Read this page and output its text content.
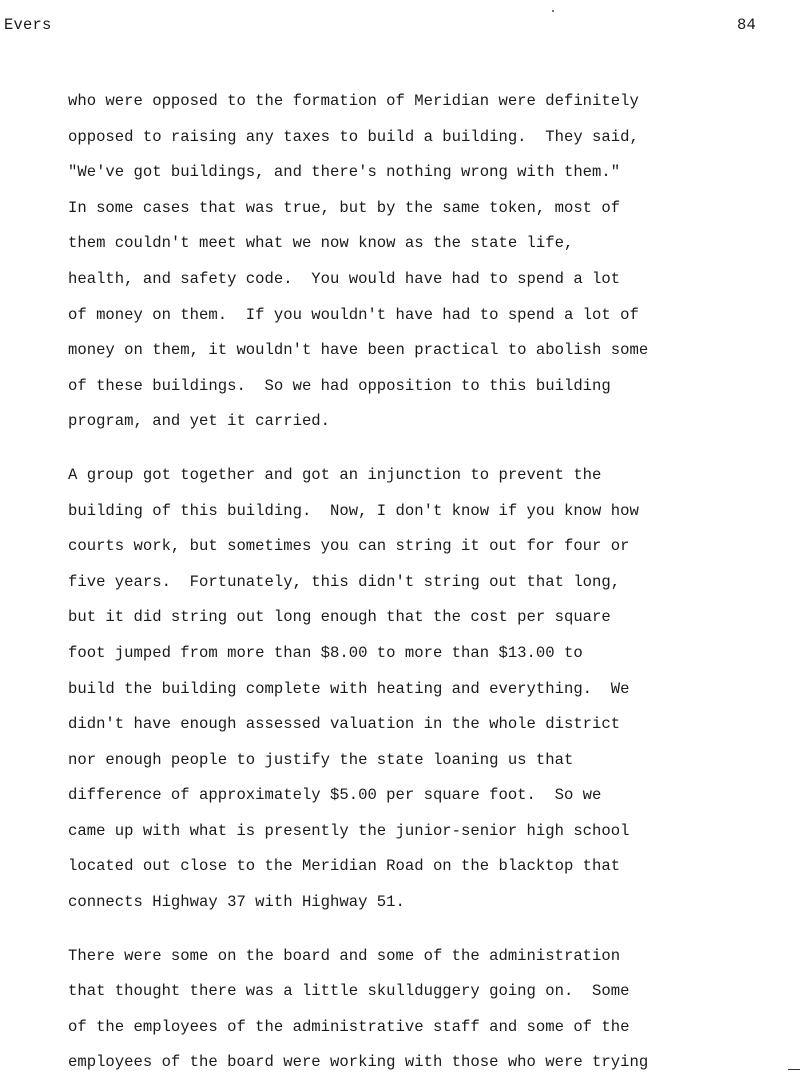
Evers	84
who were opposed to the formation of Meridian were definitely
opposed to raising any taxes to build a building.  They said,
"We've got buildings, and there's nothing wrong with them."
In some cases that was true, but by the same token, most of
them couldn't meet what we now know as the state life,
health, and safety code.  You would have had to spend a lot
of money on them.  If you wouldn't have had to spend a lot of
money on them, it wouldn't have been practical to abolish some
of these buildings.  So we had opposition to this building
program, and yet it carried.
A group got together and got an injunction to prevent the
building of this building.  Now, I don't know if you know how
courts work, but sometimes you can string it out for four or
five years.  Fortunately, this didn't string out that long,
but it did string out long enough that the cost per square
foot jumped from more than $8.00 to more than $13.00 to
build the building complete with heating and everything.  We
didn't have enough assessed valuation in the whole district
nor enough people to justify the state loaning us that
difference of approximately $5.00 per square foot.  So we
came up with what is presently the junior-senior high school
located out close to the Meridian Road on the blacktop that
connects Highway 37 with Highway 51.
There were some on the board and some of the administration
that thought there was a little skullduggery going on.  Some
of the employees of the administrative staff and some of the
employees of the board were working with those who were trying
